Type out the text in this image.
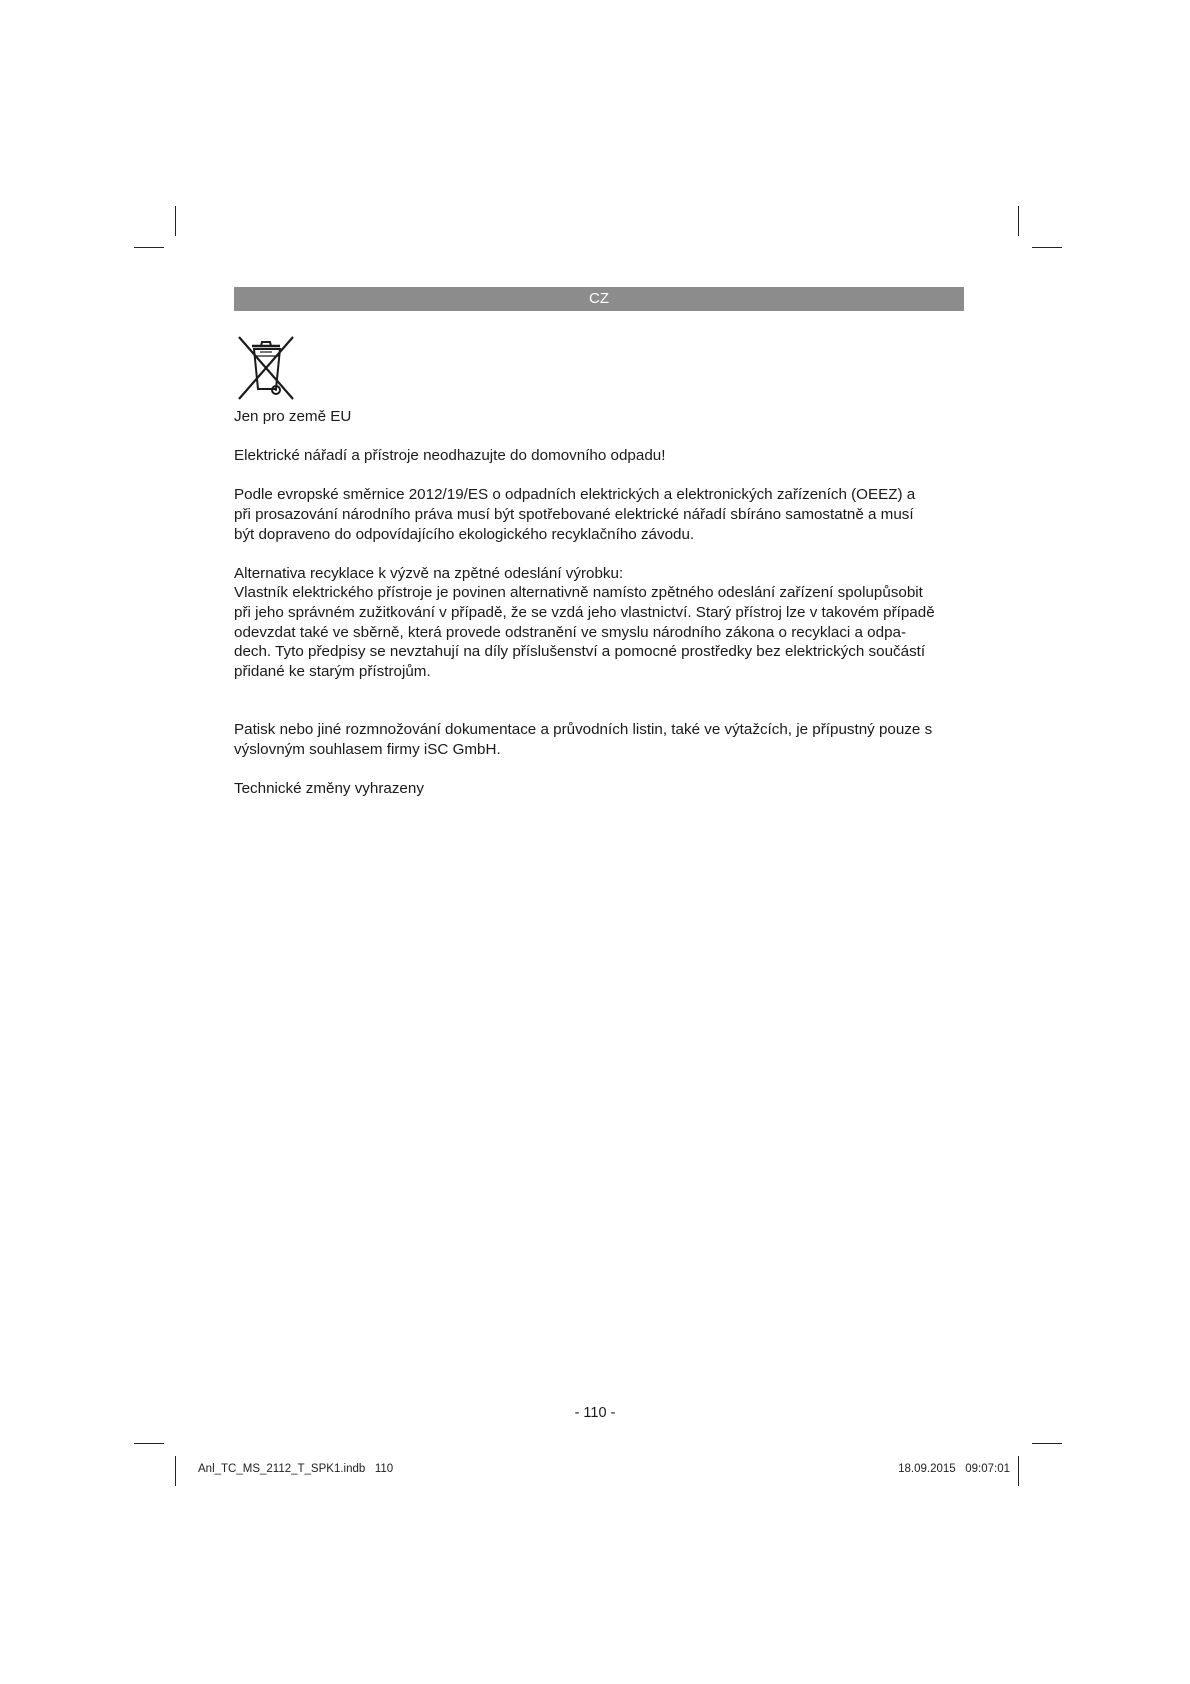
CZ

Jen pro země EU

Elektrické nářadí a přístroje neodhazujte do domovního odpadu!

Podle evropské směrnice 2012/19/ES o odpadních elektrických a elektronických zařízeních (OEEZ) a

při prosazování národního práva musí být spotřebované elektrické nářadí sbíráno samostatně a musí

být dopraveno do odpovídajícího ekologického recyklačního závodu.

Alternativa recyklace k výzvě na zpětné odeslání výrobku:

Vlastník elektrického přístroje je povinen alternativně namísto zpětného odeslání zařízení spolupůsobit

při jeho správném zužitkování v případě, že se vzdá jeho vlastnictví. Starý přístroj lze v takovém případě

odevzdat také ve sběrně, která provede odstranění ve smyslu národního zákona o recyklaci a odpa-

dech. Tyto předpisy se nevztahují na díly příslušenství a pomocné prostředky bez elektrických součástí

přidané ke starým přístrojům.

Patisk nebo jiné rozmnožování dokumentace a průvodních listin, také ve výtažcích, je přípustný pouze s

výslovným souhlasem firmy iSC GmbH.

Technické změny vyhrazeny

- 110 -
Anl_TC_MS_2112_T_SPK1.indb   110	18.09.2015   09:07:01
